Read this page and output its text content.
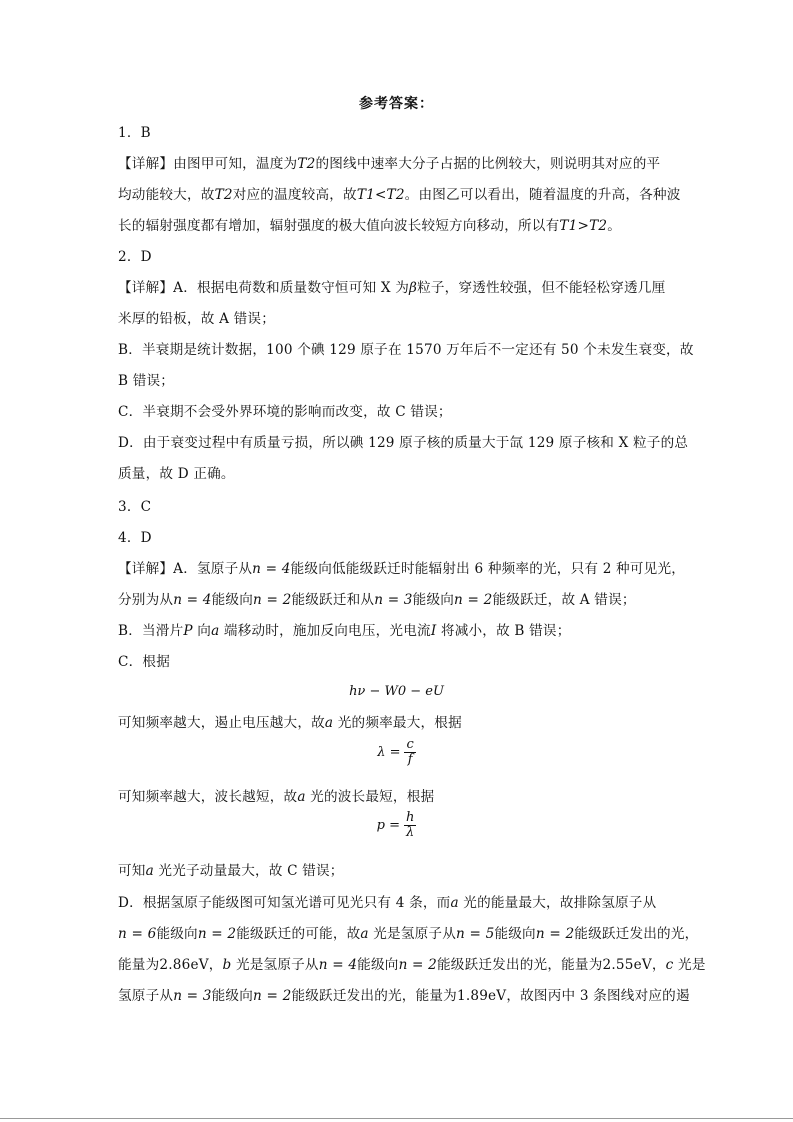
参考答案：
1．B
【详解】由图甲可知，温度为T2的图线中速率大分子占据的比例较大，则说明其对应的平
均动能较大，故T2对应的温度较高，故T1<T2。由图乙可以看出，随着温度的升高，各种波
长的辐射强度都有增加，辐射强度的极大值向波长较短方向移动，所以有T1>T2。
2．D
【详解】A．根据电荷数和质量数守恒可知 X 为β粒子，穿透性较强，但不能轻松穿透几厘
米厚的铅板，故 A 错误；
B．半衰期是统计数据，100 个碘 129 原子在 1570 万年后不一定还有 50 个未发生衰变，故
B 错误；
C．半衰期不会受外界环境的影响而改变，故 C 错误；
D．由于衰变过程中有质量亏损，所以碘 129 原子核的质量大于氙 129 原子核和 X 粒子的总
质量，故 D 正确。
3．C
4．D
【详解】A．氢原子从n = 4能级向低能级跃迁时能辐射出 6 种频率的光，只有 2 种可见光，
分别为从n = 4能级向n = 2能级跃迁和从n = 3能级向n = 2能级跃迁，故 A 错误；
B．当滑片P 向a 端移动时，施加反向电压，光电流I 将减小，故 B 错误；
C．根据
hν − W0 − eU
可知频率越大，遏止电压越大，故a 光的频率最大，根据
$\lambda = \frac{c}{f}$
可知频率越大，波长越短，故a 光的波长最短，根据
$p = \frac{h}{\lambda}$
可知a 光光子动量最大，故 C 错误；
D．根据氢原子能级图可知氢光谱可见光只有 4 条，而a 光的能量最大，故排除氢原子从
n = 6能级向n = 2能级跃迁的可能，故a 光是氢原子从n = 5能级向n = 2能级跃迁发出的光，
能量为2.86eV，b 光是氢原子从n = 4能级向n = 2能级跃迁发出的光，能量为2.55eV，c 光是
氢原子从n = 3能级向n = 2能级跃迁发出的光，能量为1.89eV，故图丙中 3 条图线对应的遏
